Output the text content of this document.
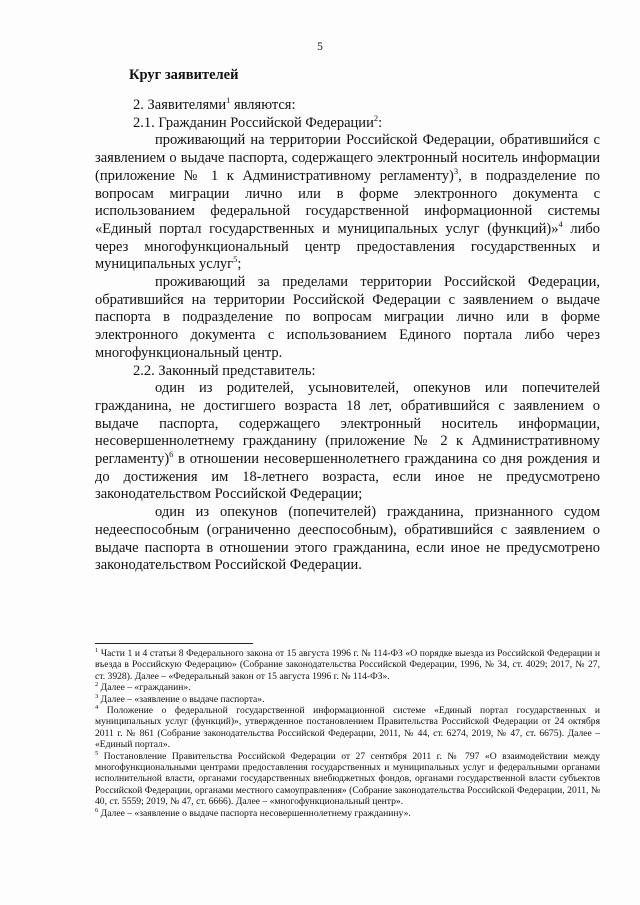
5
Круг заявителей

2. Заявителями$^1$ являются:

2.1. Гражданин Российской Федерации$^2$:

проживающий на территории Российской Федерации, обратившийся с заявлением о выдаче паспорта, содержащего электронный носитель информации (приложение № 1 к Административному регламенту)$^3$, в подразделение по вопросам миграции лично или в форме электронного документа с использованием федеральной государственной информационной системы «Единый портал государственных и муниципальных услуг (функций)»$^4$ либо через многофункциональный центр предоставления государственных и муниципальных услуг$^5$;

проживающий за пределами территории Российской Федерации, обратившийся на территории Российской Федерации с заявлением о выдаче паспорта в подразделение по вопросам миграции лично или в форме электронного документа с использованием Единого портала либо через многофункциональный центр.

2.2. Законный представитель:

один из родителей, усыновителей, опекунов или попечителей гражданина, не достигшего возраста 18 лет, обратившийся с заявлением о выдаче паспорта, содержащего электронный носитель информации, несовершеннолетнему гражданину (приложение № 2 к Административному регламенту)$^6$ в отношении несовершеннолетнего гражданина со дня рождения и до достижения им 18-летнего возраста, если иное не предусмотрено законодательством Российской Федерации;

один из опекунов (попечителей) гражданина, признанного судом недееспособным (ограниченно дееспособным), обратившийся с заявлением о выдаче паспорта в отношении этого гражданина, если иное не предусмотрено законодательством Российской Федерации.

$^1$ Части 1 и 4 статьи 8 Федерального закона от 15 августа 1996 г. № 114-ФЗ «О порядке выезда из Российской Федерации и въезда в Российскую Федерацию» (Собрание законодательства Российской Федерации, 1996, № 34, ст. 4029; 2017, № 27, ст. 3928). Далее – «Федеральный закон от 15 августа 1996 г. № 114-ФЗ».

$^2$ Далее – «гражданин».

$^3$ Далее – «заявление о выдаче паспорта».

$^4$ Положение о федеральной государственной информационной системе «Единый портал государственных и муниципальных услуг (функций)», утвержденное постановлением Правительства Российской Федерации от 24 октября 2011 г. № 861 (Собрание законодательства Российской Федерации, 2011, № 44, ст. 6274, 2019, № 47, ст. 6675). Далее – «Единый портал».

$^5$ Постановление Правительства Российской Федерации от 27 сентября 2011 г. № 797 «О взаимодействии между многофункциональными центрами предоставления государственных и муниципальных услуг и федеральными органами исполнительной власти, органами государственных внебюджетных фондов, органами государственной власти субъектов Российской Федерации, органами местного самоуправления» (Собрание законодательства Российской Федерации, 2011, № 40, ст. 5559; 2019, № 47, ст. 6666). Далее – «многофункциональный центр».

$^6$ Далее – «заявление о выдаче паспорта несовершеннолетнему гражданину».
